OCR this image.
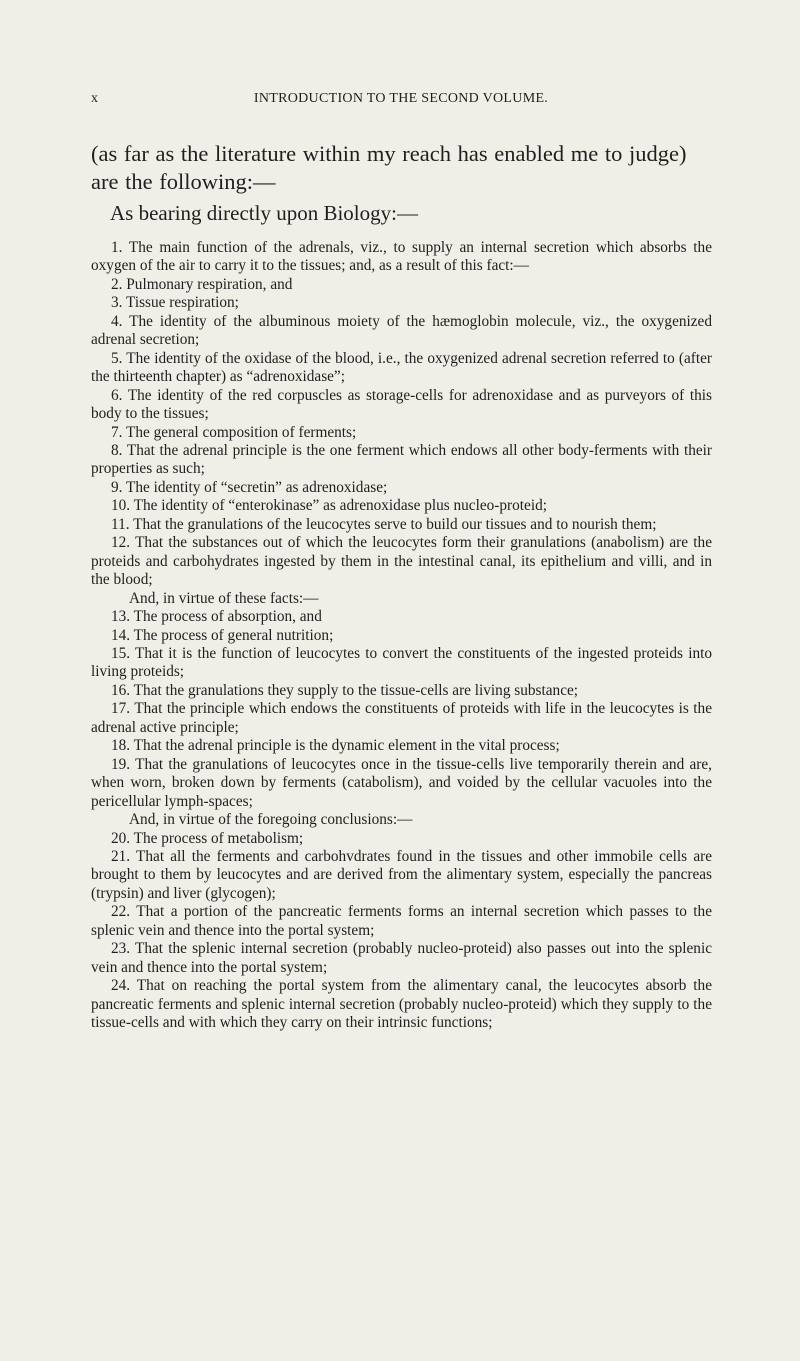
x	INTRODUCTION TO THE SECOND VOLUME.
(as far as the literature within my reach has enabled me to judge) are the following:—
As bearing directly upon Biology:—

1. The main function of the adrenals, viz., to supply an internal secretion which absorbs the oxygen of the air to carry it to the tissues; and, as a result of this fact:—

2. Pulmonary respiration, and

3. Tissue respiration;

4. The identity of the albuminous moiety of the hæmoglobin molecule, viz., the oxygenized adrenal secretion;

5. The identity of the oxidase of the blood, i.e., the oxygenized adrenal secretion referred to (after the thirteenth chapter) as “adrenoxidase”;

6. The identity of the red corpuscles as storage-cells for adrenoxidase and as purveyors of this body to the tissues;

7. The general composition of ferments;

8. That the adrenal principle is the one ferment which endows all other body-ferments with their properties as such;

9. The identity of “secretin” as adrenoxidase;

10. The identity of “enterokinase” as adrenoxidase plus nucleo-proteid;

11. That the granulations of the leucocytes serve to build our tissues and to nourish them;

12. That the substances out of which the leucocytes form their granulations (anabolism) are the proteids and carbohydrates ingested by them in the intestinal canal, its epithelium and villi, and in the blood;

And, in virtue of these facts:—

13. The process of absorption, and

14. The process of general nutrition;

15. That it is the function of leucocytes to convert the constituents of the ingested proteids into living proteids;

16. That the granulations they supply to the tissue-cells are living substance;

17. That the principle which endows the constituents of proteids with life in the leucocytes is the adrenal active principle;

18. That the adrenal principle is the dynamic element in the vital process;

19. That the granulations of leucocytes once in the tissue-cells live temporarily therein and are, when worn, broken down by ferments (catabolism), and voided by the cellular vacuoles into the pericellular lymph-spaces;

And, in virtue of the foregoing conclusions:—

20. The process of metabolism;

21. That all the ferments and carbohvdrates found in the tissues and other immobile cells are brought to them by leucocytes and are derived from the alimentary system, especially the pancreas (trypsin) and liver (glycogen);

22. That a portion of the pancreatic ferments forms an internal secretion which passes to the splenic vein and thence into the portal system;

23. That the splenic internal secretion (probably nucleo-proteid) also passes out into the splenic vein and thence into the portal system;

24. That on reaching the portal system from the alimentary canal, the leucocytes absorb the pancreatic ferments and splenic internal secretion (probably nucleo-proteid) which they supply to the tissue-cells and with which they carry on their intrinsic functions;
